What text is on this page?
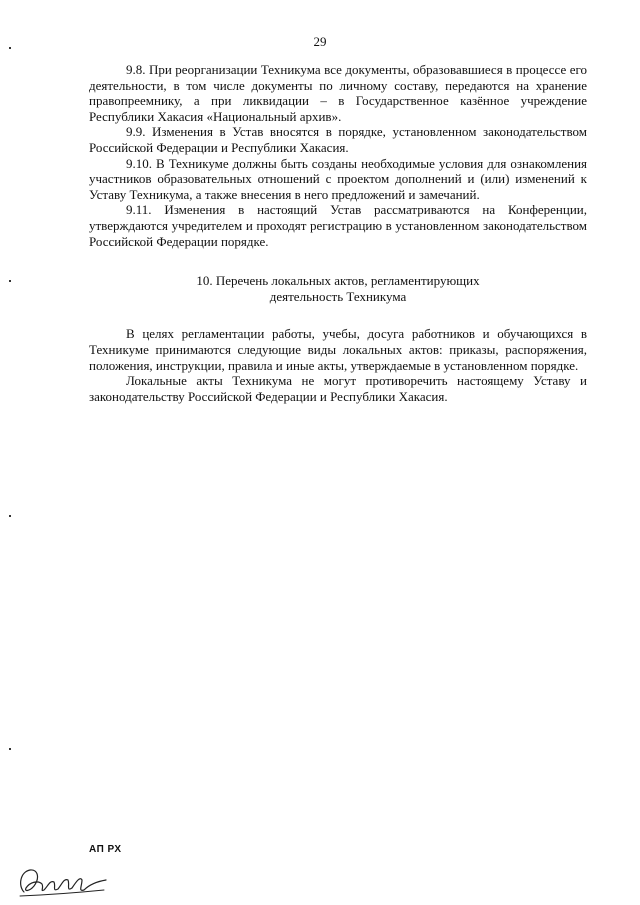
29

9.8. При реорганизации Техникума все документы, образовавшиеся в процессе его деятельности, в том числе документы по личному составу, передаются на хранение правопреемнику, а при ликвидации – в Государственное казённое учреждение Республики Хакасия «Национальный архив».

9.9. Изменения в Устав вносятся в порядке, установленном законодательством Российской Федерации и Республики Хакасия.

9.10. В Техникуме должны быть созданы необходимые условия для ознакомления участников образовательных отношений с проектом дополнений и (или) изменений к Уставу Техникума, а также внесения в него предложений и замечаний.

9.11. Изменения в настоящий Устав рассматриваются на Конференции, утверждаются учредителем и проходят регистрацию в установленном законодательством Российской Федерации порядке.

10. Перечень локальных актов, регламентирующих
деятельность Техникума

В целях регламентации работы, учебы, досуга работников и обучающихся в Техникуме принимаются следующие виды локальных актов: приказы, распоряжения, положения, инструкции, правила и иные акты, утверждаемые в установленном порядке.

Локальные акты Техникума не могут противоречить настоящему Уставу и законодательству Российской Федерации и Республики Хакасия.

АП РХ
